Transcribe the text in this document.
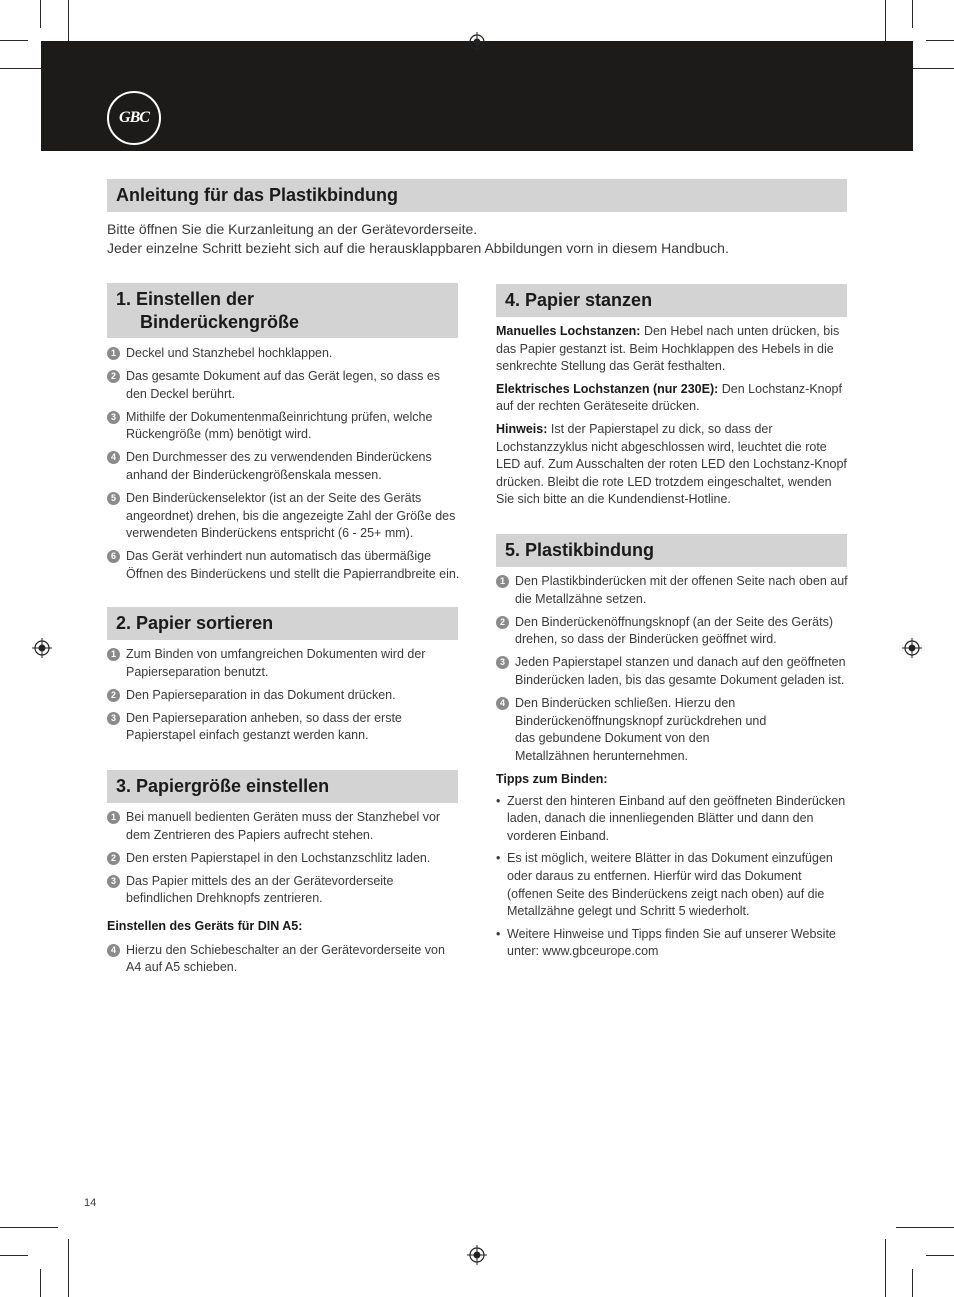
GBC
Anleitung für das Plastikbindung
Bitte öffnen Sie die Kurzanleitung an der Gerätevorderseite.
Jeder einzelne Schritt bezieht sich auf die herausklappbaren Abbildungen vorn in diesem Handbuch.
1. Einstellen der
Binderückengröße
1 Deckel und Stanzhebel hochklappen.
2 Das gesamte Dokument auf das Gerät legen, so dass es den Deckel berührt.
3 Mithilfe der Dokumentenmaßeinrichtung prüfen, welche Rückengröße (mm) benötigt wird.
4 Den Durchmesser des zu verwendenden Binderückens anhand der Binderückengrößenskala messen.
5 Den Binderückenselektor (ist an der Seite des Geräts angeordnet) drehen, bis die angezeigte Zahl der Größe des verwendeten Binderückens entspricht (6 - 25+ mm).
6 Das Gerät verhindert nun automatisch das übermäßige Öffnen des Binderückens und stellt die Papierrandbreite ein.
2. Papier sortieren
1 Zum Binden von umfangreichen Dokumenten wird der Papierseparation benutzt.
2 Den Papierseparation in das Dokument drücken.
3 Den Papierseparation anheben, so dass der erste Papierstapel einfach gestanzt werden kann.
3. Papiergröße einstellen
1 Bei manuell bedienten Geräten muss der Stanzhebel vor dem Zentrieren des Papiers aufrecht stehen.
2 Den ersten Papierstapel in den Lochstanzschlitz laden.
3 Das Papier mittels des an der Gerätevorderseite befindlichen Drehknopfs zentrieren.
Einstellen des Geräts für DIN A5:
4 Hierzu den Schiebeschalter an der Gerätevorderseite von A4 auf A5 schieben.
4. Papier stanzen
Manuelles Lochstanzen: Den Hebel nach unten drücken, bis das Papier gestanzt ist. Beim Hochklappen des Hebels in die senkrechte Stellung das Gerät festhalten.
Elektrisches Lochstanzen (nur 230E): Den Lochstanz-Knopf auf der rechten Geräteseite drücken.
Hinweis: Ist der Papierstapel zu dick, so dass der Lochstanzzyklus nicht abgeschlossen wird, leuchtet die rote LED auf. Zum Ausschalten der roten LED den Lochstanz-Knopf drücken. Bleibt die rote LED trotzdem eingeschaltet, wenden Sie sich bitte an die Kundendienst-Hotline.
5. Plastikbindung
1 Den Plastikbinderücken mit der offenen Seite nach oben auf die Metallzähne setzen.
2 Den Binderückenöffnungsknopf (an der Seite des Geräts) drehen, so dass der Binderücken geöffnet wird.
3 Jeden Papierstapel stanzen und danach auf den geöffneten Binderücken laden, bis das gesamte Dokument geladen ist.
4 Den Binderücken schließen. Hierzu den Binderückenöffnungsknopf zurückdrehen und das gebundene Dokument von den Metallzähnen herunternehmen.
Tipps zum Binden:
• Zuerst den hinteren Einband auf den geöffneten Binderücken laden, danach die innenliegenden Blätter und dann den vorderen Einband.
• Es ist möglich, weitere Blätter in das Dokument einzufügen oder daraus zu entfernen. Hierfür wird das Dokument (offenen Seite des Binderückens zeigt nach oben) auf die Metallzähne gelegt und Schritt 5 wiederholt.
• Weitere Hinweise und Tipps finden Sie auf unserer Website unter: www.gbceurope.com
14
